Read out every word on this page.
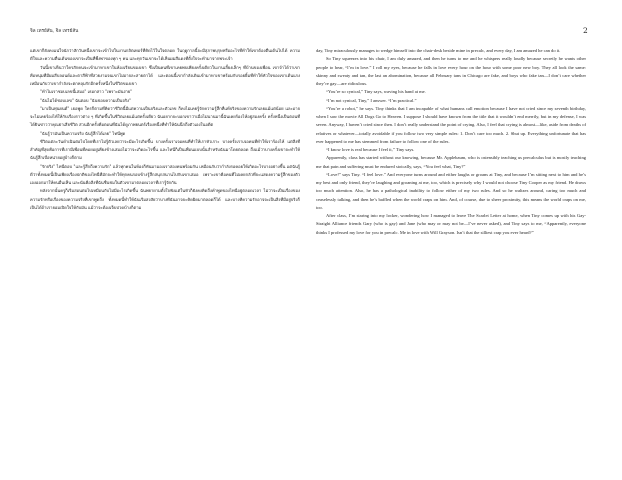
จิล เทรย์สัน, จิล เทรย์สัน	2

แต่เขาก็ยังคงแน่ใจนักว่าสักวันหนึ่งเขาจะเข้าไปในงานกลิตเทอร์ที่คิดไว้ในใจตลอด ในฤดูกาลนี้จะมีสุภาพบุรุษหรืออะไรที่ทำให้เขาต้องตื่นเต้นไปได้ ความดีใจและความตื่นเต้นของเขาจะเป็นที่พึ่งพาของทุก ๆ คน และทุกวันเขาจะได้เห็นผมสีแดงที่ตั้งใจจะทำมาจากพระเจ้า

วันนี้เขาเห็นว่าใครสักคนจะเข้ามาหาเขาในห้องเรียนของเขา ซึ่งเป็นคนที่เขาเคยพบเพียงครั้งเดียวในงานเลี้ยงเล็กๆ ที่บ้านของเพื่อน เขาจำได้ว่าเขาคือหนุ่มที่มีผมสีบลอนด์และตาสีฟ้าที่สวยงามจนเขาไม่อาจละสายตาได้ และตอนนี้เขากำลังเดินเข้ามาหาเขาพร้อมกับรอยยิ้มที่ทำให้หัวใจของเขาเต้นแรงเหมือนกับว่าเขากำลังจะตกหลุมรักอีกครั้งหนึ่งในชีวิตของเขา

"ทำไมเราชอบเลขนี้เสมอ" เธอกล่าว "เพราะมันง่าย"

"ฉันไม่ได้ชอบเลข" ฉันตอบ "ฉันชอบความเป็นจริง"

"มาเป็นหุ่นยนต์" เธอพูด ใครก็ตามที่คิดว่าชีวิตนี้มีแต่ความเป็นจริงและตัวเลข ก็คงไม่เคยรู้จักความรู้สึกที่แท้จริงของความรักเลยแม้แต่น้อย และอาจจะไม่เคยร้องไห้ให้กับเรื่องราวต่าง ๆ ที่เกิดขึ้นในชีวิตเลยแม้แต่ครั้งเดียว ฉันอยากจะบอกเขาว่าเมื่อไม่นานมานี้ฉันเคยร้องไห้อยู่สองครั้ง ครั้งหนึ่งเป็นตอนที่ได้ยินข่าวว่าคุณย่าเสียชีวิต ส่วนอีกครั้งคือตอนที่ฉันได้ดูภาพยนตร์เรื่องหนึ่งที่ทำให้ฉันนึกถึงตัวเองในอดีต

"ฉันรู้ว่ามันเป็นความจริง ฉันรู้สึกได้เลย" ไทนี่พูด

ชีวิตแต่ละวันดำเนินต่อไปโดยที่เราไม่รู้ตัวเลยว่าจะมีอะไรเกิดขึ้น บางครั้งเราเจอคนที่ทำให้เราหัวเราะ บางครั้งเราเจอคนที่ทำให้เราร้องไห้ แต่สิ่งที่สำคัญที่สุดคือการที่เรามีเพื่อนที่คอยอยู่เคียงข้างเสมอไม่ว่าจะเกิดอะไรขึ้น และไทนี่ก็เป็นเพื่อนแบบนั้นสำหรับฉันมาโดยตลอด ถึงแม้ว่าบางครั้งเขาจะทำให้ฉันรู้สึกเบื่อหน่ายอยู่บ้างก็ตาม

"รักจริง" ไทนี่ตอบ "และรู้สึกถึงความรัก" แล้วทุกคนในห้องก็หันมามองเราสองคนพร้อมกัน เหมือนกับว่ากำลังรอคอยให้เกิดอะไรบางอย่างขึ้น แต่ฉันรู้ดีว่าทั้งหมดนี้เป็นเพียงเรื่องปกติของไทนี่ที่มักจะทำให้ทุกคนรอบข้างรู้สึกสนุกสนานไปกับเขาเสมอ เพราะเขาคือคนที่ไม่เคยกลัวที่จะแสดงความรู้สึกของตัวเองออกมาให้คนอื่นเห็น และนั่นคือสิ่งที่ฉันชื่นชมในตัวเขามาตลอดเวลาที่เรารู้จักกัน

หลังจากนั้นครูก็เริ่มสอนต่อไปเหมือนกับไม่มีอะไรเกิดขึ้น ฉันพยายามตั้งใจฟังแต่ในหัวก็ยังคงคิดถึงคำพูดของไทนี่อยู่ตลอดเวลา ไม่ว่าจะเป็นเรื่องของความรักหรือเรื่องของความจริงที่เขาพูดถึง ทั้งหมดนี้ทำให้ฉันเริ่มสงสัยว่าบางทีฉันอาจจะคิดผิดมาตลอดก็ได้ และบางทีความรักอาจจะเป็นสิ่งที่มีอยู่จริงก็เป็นได้ถ้าเรายอมเปิดใจให้กับมัน แม้ว่าจะต้องเจ็บปวดบ้างก็ตาม

day, Tiny miraculously manages to wedge himself into the chair-desk beside mine in precalc, and every day, I am amazed he can do it.

So Tiny squeezes into his chair, I am duly amazed, and then he turns to me and he whispers really loudly because secretly he wants other people to hear, “I’m in love.” I roll my eyes, because he falls in love every hour on the hour with some poor new boy. They all look the same: skinny and sweaty and tan, the last an abomination, because all February tans in Chicago are fake, and boys who fake tan—I don’t care whether they’re gay—are ridiculous.

“You’re so cynical,” Tiny says, waving his hand at me.

“I’m not cynical, Tiny,” I answer. “I’m practical.”

“You’re a robot,” he says. Tiny thinks that I am incapable of what humans call emotion because I have not cried since my seventh birthday, when I saw the movie All Dogs Go to Heaven. I suppose I should have known from the title that it wouldn’t end merrily, but in my defense, I was seven. Anyway, I haven’t cried since then. I don’t really understand the point of crying. Also, I feel that crying is almost—like, aside from deaths of relatives or whatever—totally avoidable if you follow two very simple rules: 1. Don’t care too much. 2. Shut up. Everything unfortunate that has ever happened to me has stemmed from failure to follow one of the rules.

“I know love is real because I feel it,” Tiny says.

Apparently, class has started without our knowing, because Mr. Applebaum, who is ostensibly teaching us precalculus but is mostly teaching me that pain and suffering must be endured stoically, says, “You feel what, Tiny?”

“Love!” says Tiny. “I feel love.” And everyone turns around and either laughs or groans at Tiny, and because I’m sitting next to him and he’s my best and only friend, they’re laughing and groaning at me, too, which is precisely why I would not choose Tiny Cooper as my friend. He draws too much attention. Also, he has a pathological inability to follow either of my two rules. And so he waltzes around, caring too much and ceaselessly talking, and then he’s baffled when the world craps on him. And, of course, due to sheer proximity, this means the world craps on me, too.

After class, I’m staring into my locker, wondering how I managed to leave The Scarlet Letter at home, when Tiny comes up with his Gay-Straight Alliance friends Gary (who is gay) and Jane (who may or may not be—I’ve never asked), and Tiny says to me, “Apparently, everyone thinks I professed my love for you in precalc. Me in love with Will Grayson. Isn’t that the silliest crap you ever heard?”
